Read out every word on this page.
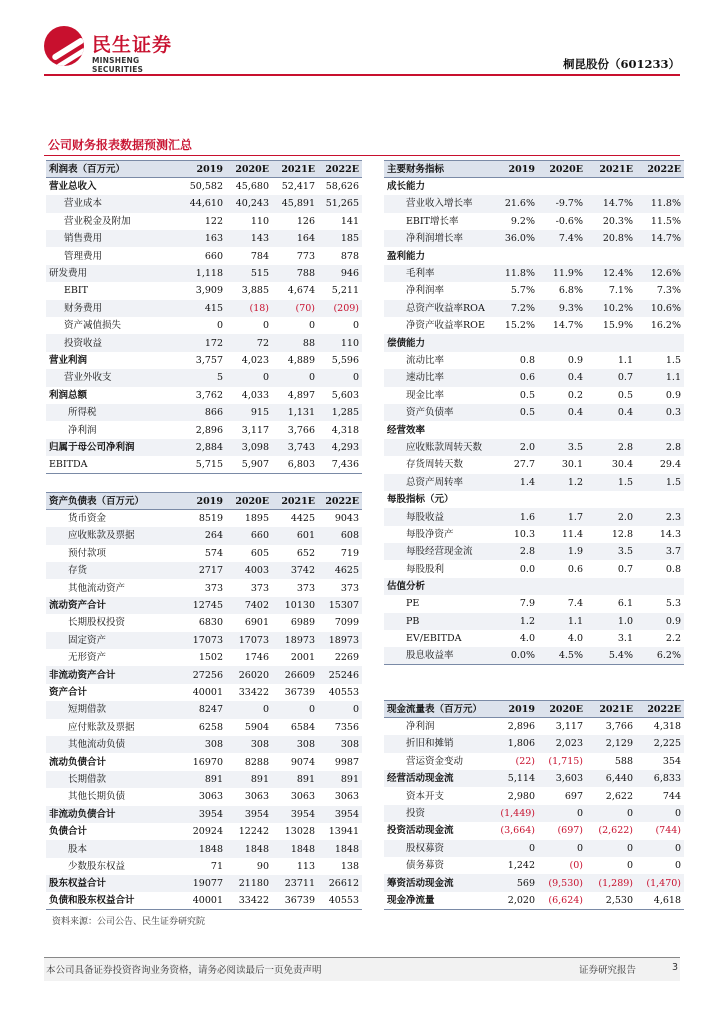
民生证券
MINSHENG SECURITIES	桐昆股份（601233）
公司财务报表数据预测汇总
利润表（百万元）	2019	2020E	2021E	2022E
营业总收入	50,582	45,680	52,417	58,626
营业成本	44,610	40,243	45,891	51,265
营业税金及附加	122	110	126	141
销售费用	163	143	164	185
管理费用	660	784	773	878
研发费用	1,118	515	788	946
EBIT	3,909	3,885	4,674	5,211
财务费用	415	(18)	(70)	(209)
资产减值损失	0	0	0	0
投资收益	172	72	88	110
营业利润	3,757	4,023	4,889	5,596
营业外收支	5	0	0	0
利润总额	3,762	4,033	4,897	5,603
所得税	866	915	1,131	1,285
净利润	2,896	3,117	3,766	4,318
归属于母公司净利润	2,884	3,098	3,743	4,293
EBITDA	5,715	5,907	6,803	7,436
主要财务指标	2019	2020E	2021E	2022E
成长能力				
营业收入增长率	21.6%	-9.7%	14.7%	11.8%
EBIT增长率	9.2%	-0.6%	20.3%	11.5%
净利润增长率	36.0%	7.4%	20.8%	14.7%
盈利能力				
毛利率	11.8%	11.9%	12.4%	12.6%
净利润率	5.7%	6.8%	7.1%	7.3%
总资产收益率ROA	7.2%	9.3%	10.2%	10.6%
净资产收益率ROE	15.2%	14.7%	15.9%	16.2%
偿债能力				
流动比率	0.8	0.9	1.1	1.5
速动比率	0.6	0.4	0.7	1.1
现金比率	0.5	0.2	0.5	0.9
资产负债率	0.5	0.4	0.4	0.3
经营效率				
应收账款周转天数	2.0	3.5	2.8	2.8
存货周转天数	27.7	30.1	30.4	29.4
总资产周转率	1.4	1.2	1.5	1.5
每股指标（元）				
每股收益	1.6	1.7	2.0	2.3
每股净资产	10.3	11.4	12.8	14.3
每股经营现金流	2.8	1.9	3.5	3.7
每股股利	0.0	0.6	0.7	0.8
估值分析				
PE	7.9	7.4	6.1	5.3
PB	1.2	1.1	1.0	0.9
EV/EBITDA	4.0	4.0	3.1	2.2
股息收益率	0.0%	4.5%	5.4%	6.2%
资产负债表（百万元）	2019	2020E	2021E	2022E
货币资金	8519	1895	4425	9043
应收账款及票据	264	660	601	608
预付款项	574	605	652	719
存货	2717	4003	3742	4625
其他流动资产	373	373	373	373
流动资产合计	12745	7402	10130	15307
长期股权投资	6830	6901	6989	7099
固定资产	17073	17073	18973	18973
无形资产	1502	1746	2001	2269
非流动资产合计	27256	26020	26609	25246
资产合计	40001	33422	36739	40553
短期借款	8247	0	0	0
应付账款及票据	6258	5904	6584	7356
其他流动负债	308	308	308	308
流动负债合计	16970	8288	9074	9987
长期借款	891	891	891	891
其他长期负债	3063	3063	3063	3063
非流动负债合计	3954	3954	3954	3954
负债合计	20924	12242	13028	13941
股本	1848	1848	1848	1848
少数股东权益	71	90	113	138
股东权益合计	19077	21180	23711	26612
负债和股东权益合计	40001	33422	36739	40553
现金流量表（百万元）	2019	2020E	2021E	2022E
净利润	2,896	3,117	3,766	4,318
折旧和摊销	1,806	2,023	2,129	2,225
营运资金变动	(22)	(1,715)	588	354
经营活动现金流	5,114	3,603	6,440	6,833
资本开支	2,980	697	2,622	744
投资	(1,449)	0	0	0
投资活动现金流	(3,664)	(697)	(2,622)	(744)
股权募资	0	0	0	0
债务募资	1,242	(0)	0	0
筹资活动现金流	569	(9,530)	(1,289)	(1,470)
现金净流量	2,020	(6,624)	2,530	4,618
资料来源：公司公告、民生证券研究院
本公司具备证券投资咨询业务资格，请务必阅读最后一页免责声明	证券研究报告	3
